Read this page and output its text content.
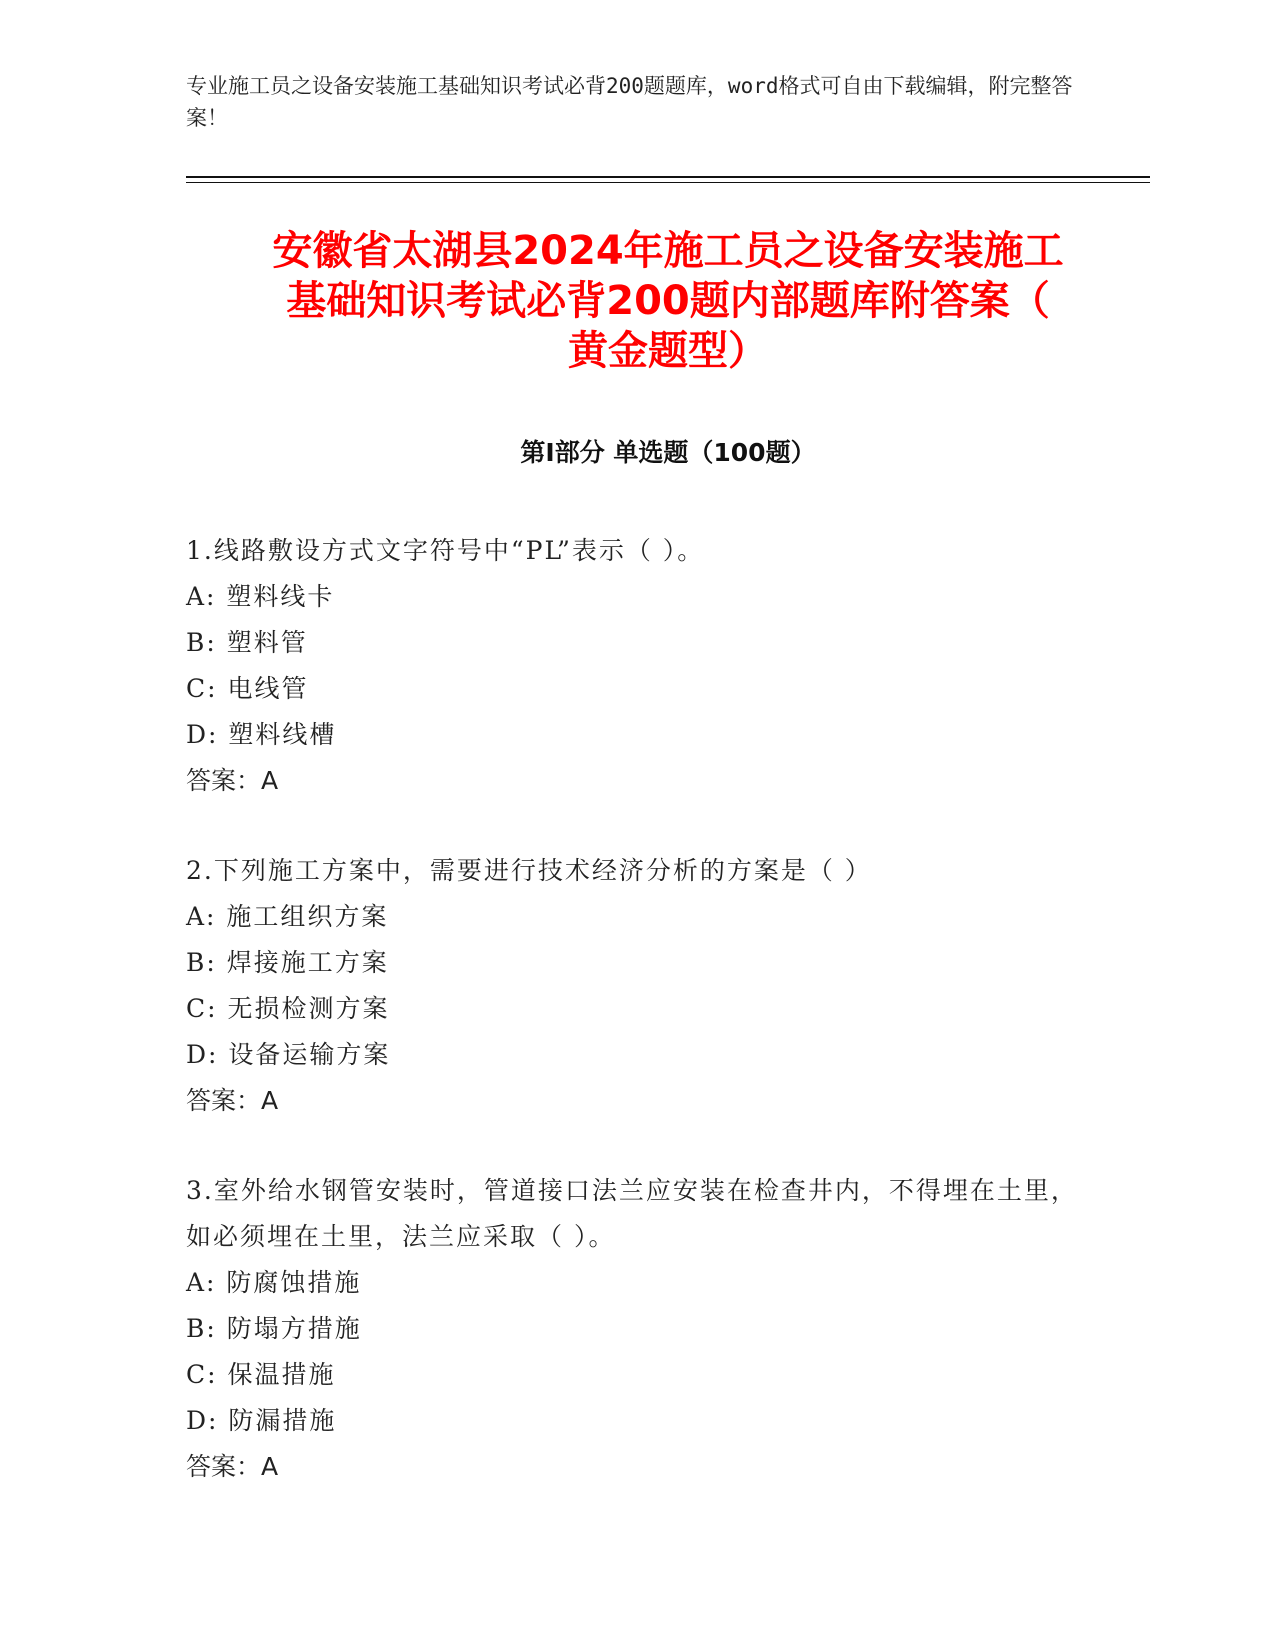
专业施工员之设备安装施工基础知识考试必背200题题库，word格式可自由下载编辑，附完整答案！
安徽省太湖县2024年施工员之设备安装施工
基础知识考试必背200题内部题库附答案（
黄金题型）
第Ⅰ部分 单选题（100题）
1.线路敷设方式文字符号中“PL”表示（ ）。
A: 塑料线卡
B: 塑料管
C: 电线管
D: 塑料线槽
答案：A
2.下列施工方案中，需要进行技术经济分析的方案是（ ）
A: 施工组织方案
B: 焊接施工方案
C: 无损检测方案
D: 设备运输方案
答案：A
3.室外给水钢管安装时，管道接口法兰应安装在检查井内，不得埋在土里，如必须埋在土里，法兰应采取（ ）。
A: 防腐蚀措施
B: 防塌方措施
C: 保温措施
D: 防漏措施
答案：A
